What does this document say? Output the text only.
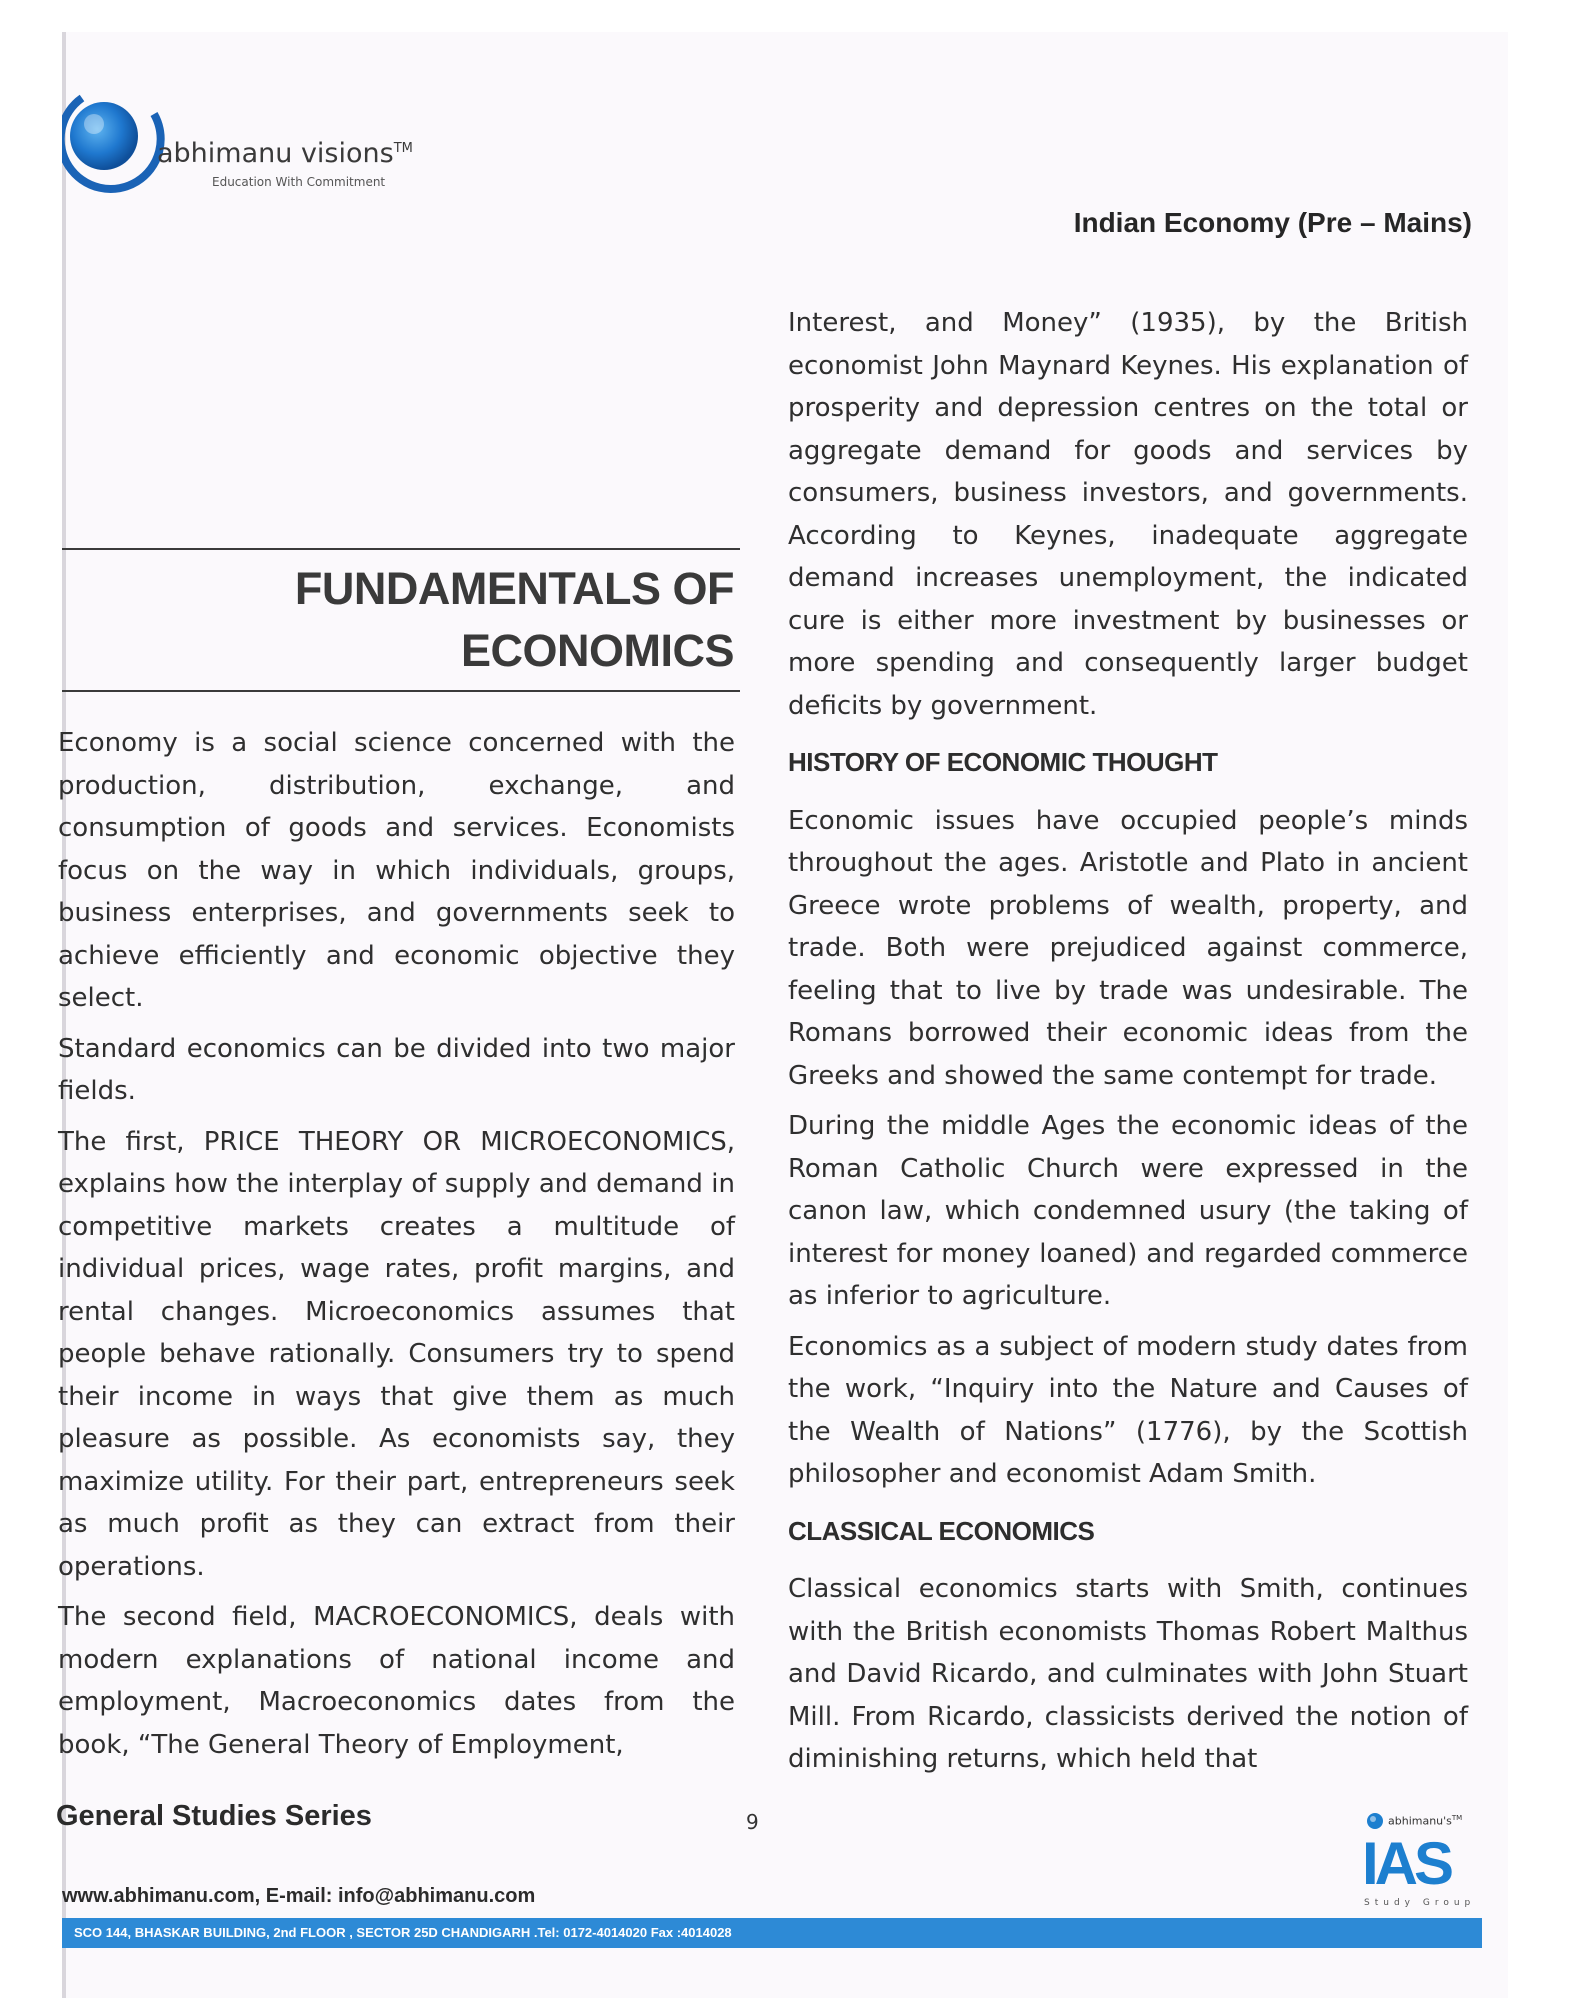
abhimanu visions™
Education With Commitment
Indian Economy (Pre – Mains)
FUNDAMENTALS OF
ECONOMICS

Economy is a social science concerned with the production, distribution, exchange, and consumption of goods and services. Economists focus on the way in which individuals, groups, business enterprises, and governments seek to achieve efficiently and economic objective they select.

Standard economics can be divided into two major fields.

The first, PRICE THEORY OR MICROECONOMICS, explains how the interplay of supply and demand in competitive markets creates a multitude of individual prices, wage rates, profit margins, and rental changes. Microeconomics assumes that people behave rationally. Consumers try to spend their income in ways that give them as much pleasure as possible. As economists say, they maximize utility. For their part, entrepreneurs seek as much profit as they can extract from their operations.

The second field, MACROECONOMICS, deals with modern explanations of national income and employment, Macroeconomics dates from the book, “The General Theory of Employment,

Interest, and Money” (1935), by the British economist John Maynard Keynes. His explanation of prosperity and depression centres on the total or aggregate demand for goods and services by consumers, business investors, and governments. According to Keynes, inadequate aggregate demand increases unemployment, the indicated cure is either more investment by businesses or more spending and consequently larger budget deficits by government.

HISTORY OF ECONOMIC THOUGHT

Economic issues have occupied people’s minds throughout the ages. Aristotle and Plato in ancient Greece wrote problems of wealth, property, and trade. Both were prejudiced against commerce, feeling that to live by trade was undesirable. The Romans borrowed their economic ideas from the Greeks and showed the same contempt for trade.

During the middle Ages the economic ideas of the Roman Catholic Church were expressed in the canon law, which condemned usury (the taking of interest for money loaned) and regarded commerce as inferior to agriculture.

Economics as a subject of modern study dates from the work, “Inquiry into the Nature and Causes of the Wealth of Nations” (1776), by the Scottish philosopher and economist Adam Smith.

CLASSICAL ECONOMICS

Classical economics starts with Smith, continues with the British economists Thomas Robert Malthus and David Ricardo, and culminates with John Stuart Mill. From Ricardo, classicists derived the notion of diminishing returns, which held that

General Studies Series	9
www.abhimanu.com, E-mail: info@abhimanu.com
SCO 144, BHASKAR BUILDING, 2nd FLOOR , SECTOR 25D CHANDIGARH .Tel: 0172-4014020 Fax :4014028
abhimanu's™
IAS
Study Group
